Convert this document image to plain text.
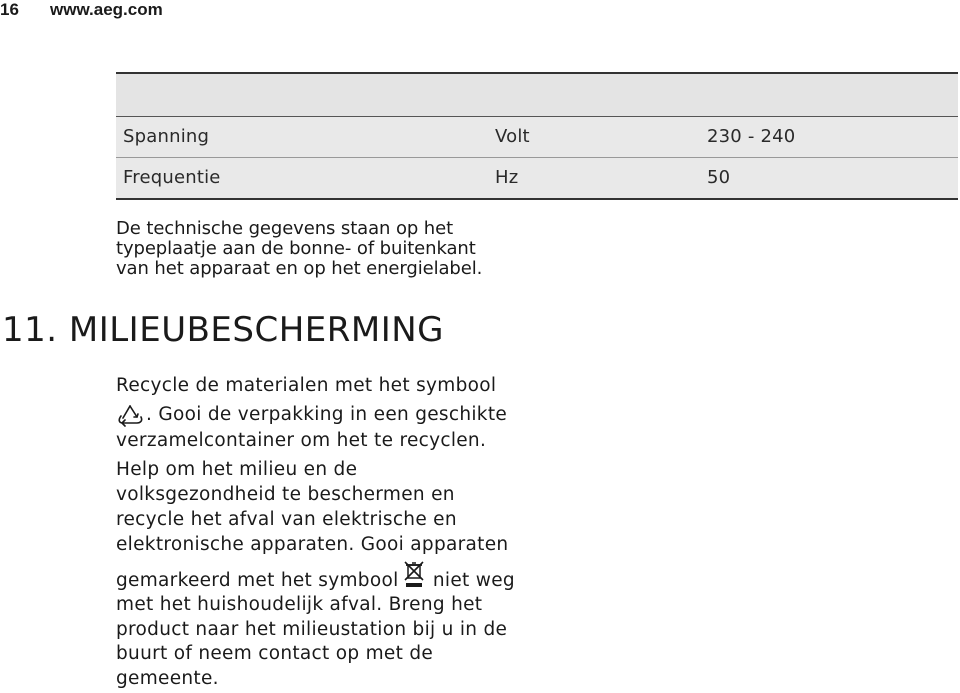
16 www.aeg.com
Spanning	Volt	230 - 240
Frequentie	Hz	50
De technische gegevens staan op het
typeplaatje aan de bonne- of buitenkant
van het apparaat en op het energielabel.
11. MILIEUBESCHERMING
Recycle de materialen met het symbool
. Gooi de verpakking in een geschikte
verzamelcontainer om het te recyclen.
Help om het milieu en de
volksgezondheid te beschermen en
recycle het afval van elektrische en
elektronische apparaten. Gooi apparaten
gemarkeerd met het symbool niet weg
met het huishoudelijk afval. Breng het
product naar het milieustation bij u in de
buurt of neem contact op met de
gemeente.
